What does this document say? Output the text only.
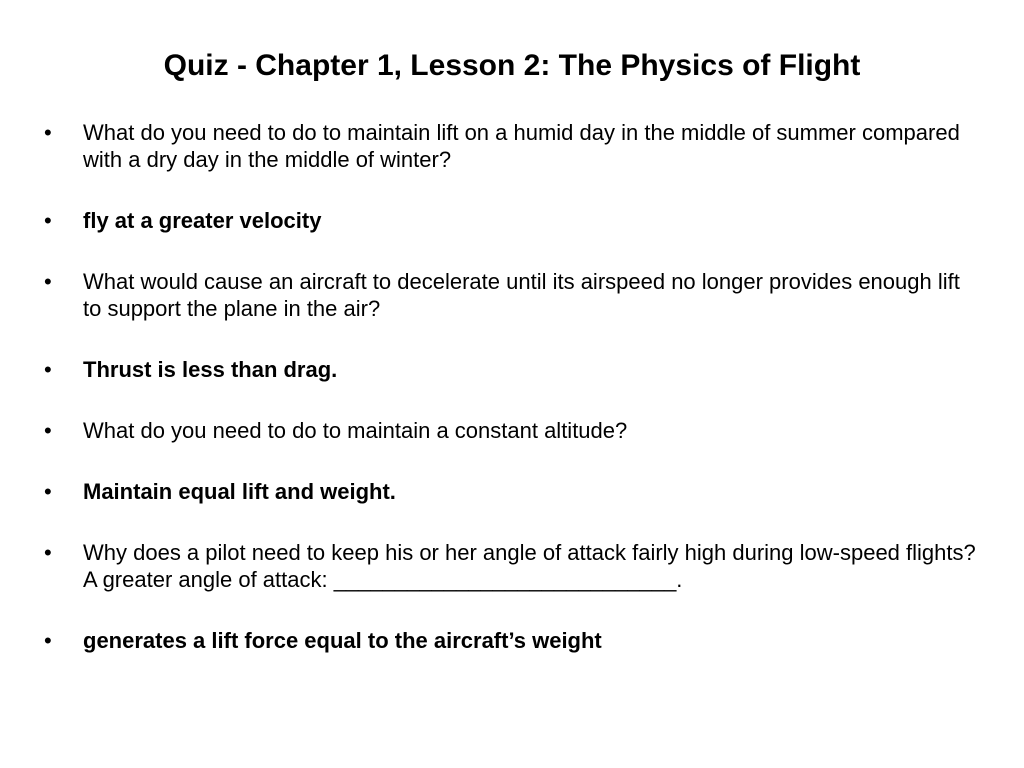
Quiz - Chapter 1, Lesson 2: The Physics of Flight
•	What do you need to do to maintain lift on a humid day in the middle of summer compared with a dry day in the middle of winter?
•	fly at a greater velocity
•	What would cause an aircraft to decelerate until its airspeed no longer provides enough lift to support the plane in the air?
•	Thrust is less than drag.
•	What do you need to do to maintain a constant altitude?
•	Maintain equal lift and weight.
•	Why does a pilot need to keep his or her angle of attack fairly high during low-speed flights? A greater angle of attack: ____________________________.
•	generates a lift force equal to the aircraft’s weight
